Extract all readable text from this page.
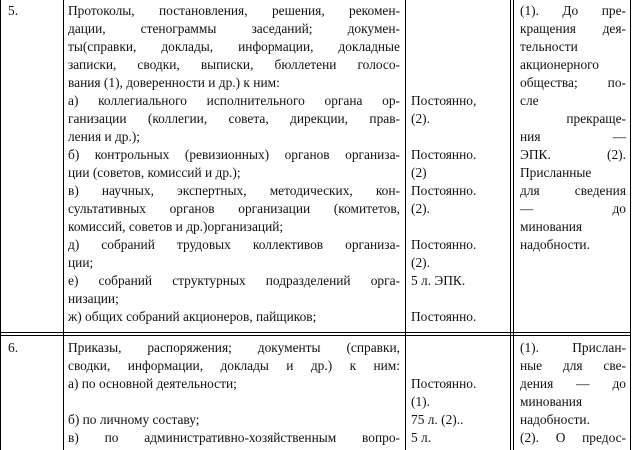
5.	Протоколы, постановления, решения, рекомен-
дации, стенограммы заседаний; докумен-
ты(справки, доклады, информации, докладные
записки, сводки, выписки, бюллетени голосо-
вания (1), доверенности и др.) к ним:
а) коллегиального исполнительного органа ор-
ганизации (коллегии, совета, дирекции, прав-
ления и др.);
б) контрольных (ревизионных) органов организа-
ции (советов, комиссий и др.);
в) научных, экспертных, методических, кон-
сультативных органов организации (комитетов,
комиссий, советов и др.)организаций;
д) собраний трудовых коллективов организа-
ции;
е) собраний структурных подразделений орга-
низации;
ж) общих собраний акционеров, пайщиков;
Постоянно,
(2).
Постоянно.
(2)
Постоянно.
(2).
Постоянно.
(2).
5 л. ЭПК.
Постоянно.
(1). До пре-
кращения дея-
тельности
акционерного
общества; по-
сле
прекраще-
ния —
ЭПК. (2).
Присланные
для сведения
— до
минования
надобности.
6.	Приказы, распоряжения; документы (справки,
сводки, информации, доклады и др.) к ним:
а) по основной деятельности;
б) по личному составу;
в) по административно-хозяйственным вопро-
Постоянно.
(1).
75 л. (2)..
5 л.
(1). Прислан-
ные для све-
дения — до
минования
надобности.
(2). О предос-
